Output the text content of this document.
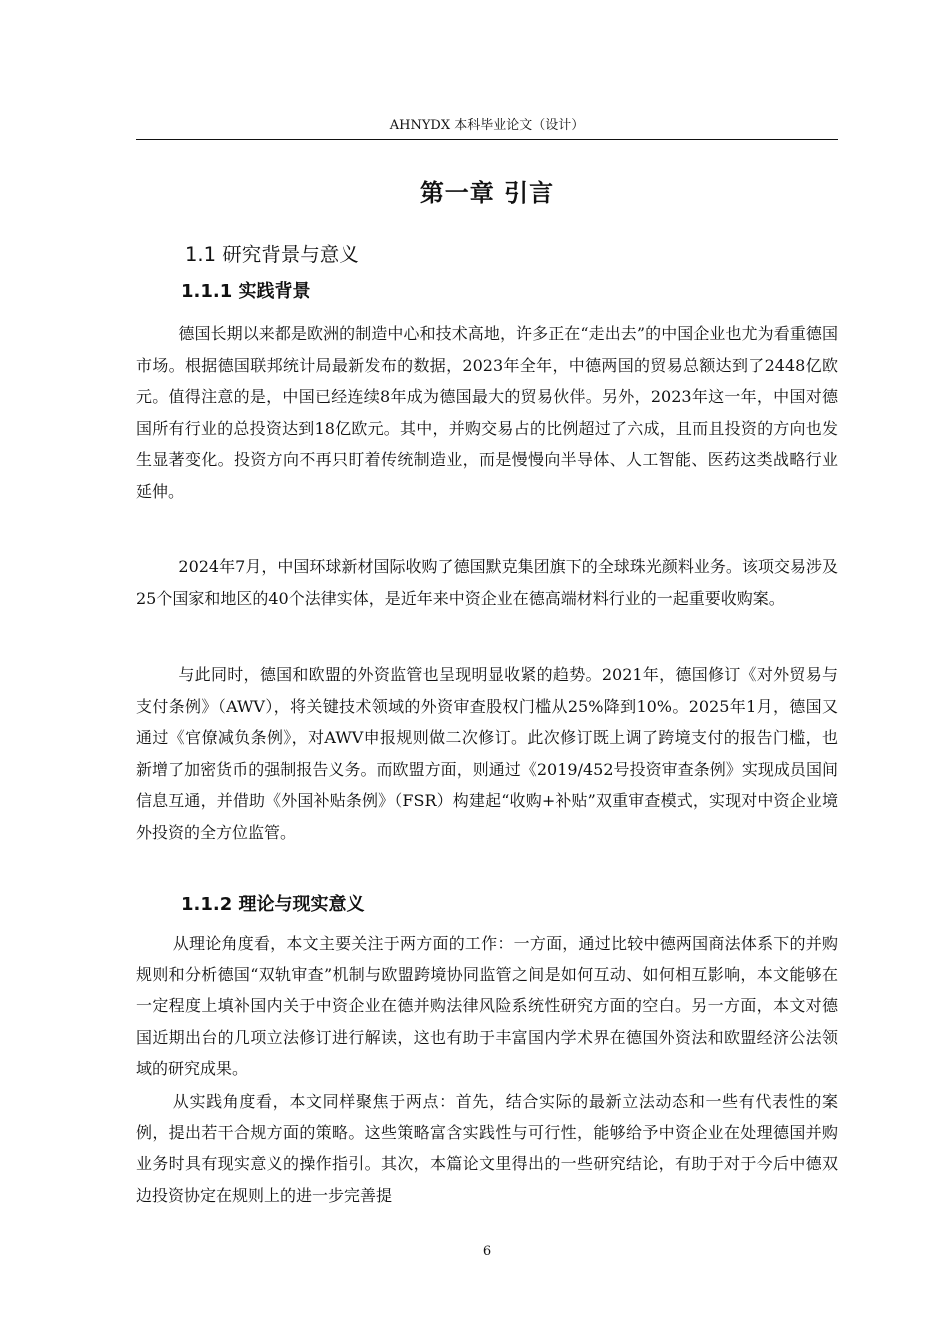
AHNYDX 本科毕业论文（设计）
第一章 引言
1.1 研究背景与意义
1.1.1 实践背景

德国长期以来都是欧洲的制造中心和技术高地，许多正在“走出去”的中国企业也尤为看重德国市场。根据德国联邦统计局最新发布的数据，2023年全年，中德两国的贸易总额达到了2448亿欧元。值得注意的是，中国已经连续8年成为德国最大的贸易伙伴。另外，2023年这一年，中国对德国所有行业的总投资达到18亿欧元。其中，并购交易占的比例超过了六成，且而且投资的方向也发生显著变化。投资方向不再只盯着传统制造业，而是慢慢向半导体、人工智能、医药这类战略行业延伸。

2024年7月，中国环球新材国际收购了德国默克集团旗下的全球珠光颜料业务。该项交易涉及25个国家和地区的40个法律实体，是近年来中资企业在德高端材料行业的一起重要收购案。

与此同时，德国和欧盟的外资监管也呈现明显收紧的趋势。2021年，德国修订《对外贸易与支付条例》（AWV），将关键技术领域的外资审查股权门槛从25%降到10%。2025年1月，德国又通过《官僚减负条例》，对AWV申报规则做二次修订。此次修订既上调了跨境支付的报告门槛，也新增了加密货币的强制报告义务。而欧盟方面，则通过《2019/452号投资审查条例》实现成员国间信息互通，并借助《外国补贴条例》（FSR）构建起“收购+补贴”双重审查模式，实现对中资企业境外投资的全方位监管。

1.1.2 理论与现实意义

从理论角度看，本文主要关注于两方面的工作：一方面，通过比较中德两国商法体系下的并购规则和分析德国“双轨审查”机制与欧盟跨境协同监管之间是如何互动、如何相互影响，本文能够在一定程度上填补国内关于中资企业在德并购法律风险系统性研究方面的空白。另一方面，本文对德国近期出台的几项立法修订进行解读，这也有助于丰富国内学术界在德国外资法和欧盟经济公法领域的研究成果。

从实践角度看，本文同样聚焦于两点：首先，结合实际的最新立法动态和一些有代表性的案例，提出若干合规方面的策略。这些策略富含实践性与可行性，能够给予中资企业在处理德国并购业务时具有现实意义的操作指引。其次，本篇论文里得出的一些研究结论，有助于对于今后中德双边投资协定在规则上的进一步完善提

6
